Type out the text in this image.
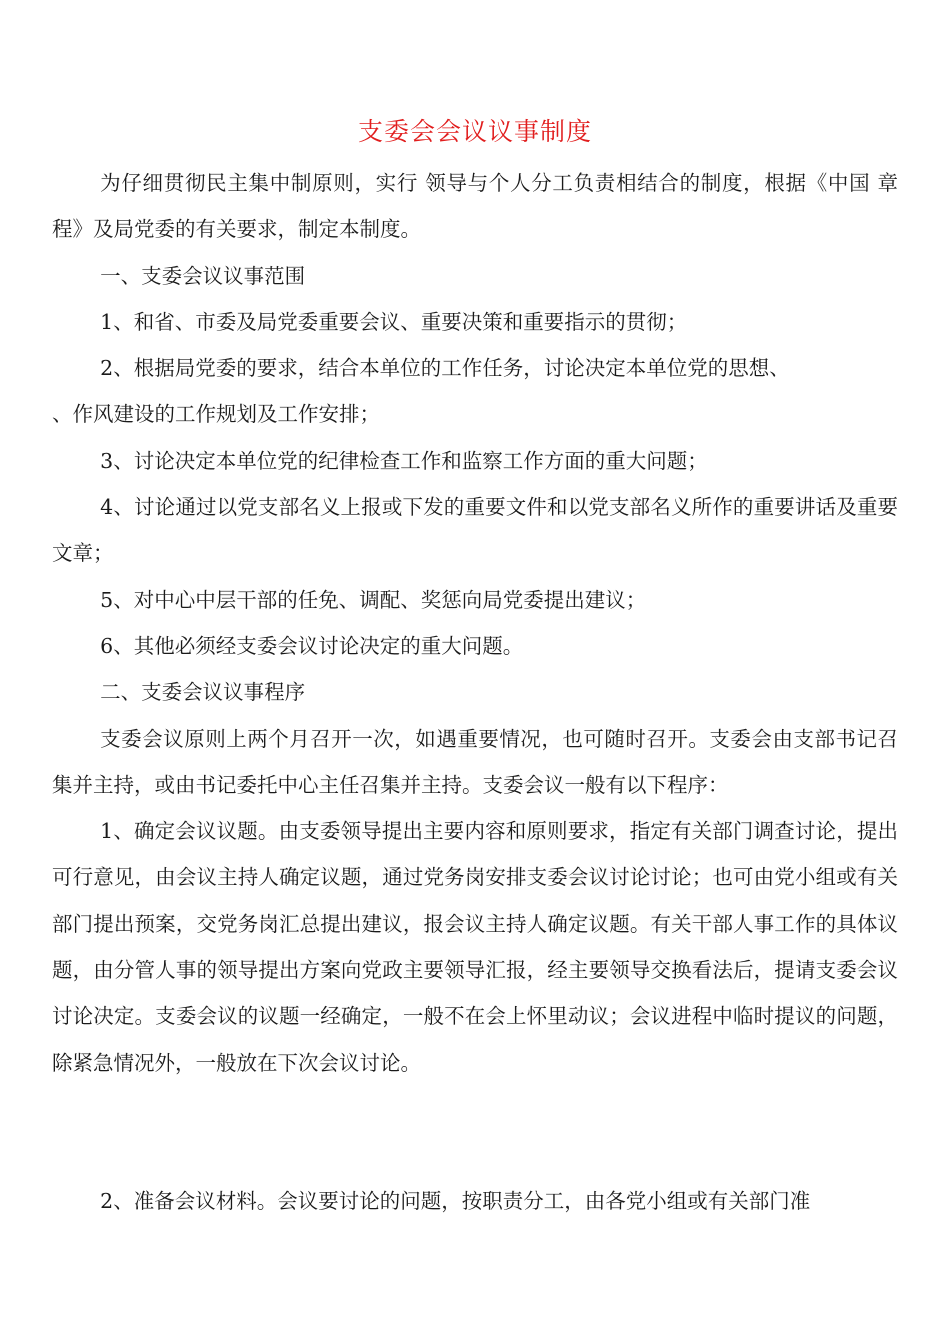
支委会会议议事制度

为仔细贯彻民主集中制原则，实行 领导与个人分工负责相结合的制度，根据《中国 章程》及局党委的有关要求，制定本制度。

一、支委会议议事范围

1、和省、市委及局党委重要会议、重要决策和重要指示的贯彻；

2、根据局党委的要求，结合本单位的工作任务，讨论决定本单位党的思想、

、作风建设的工作规划及工作安排；

3、讨论决定本单位党的纪律检查工作和监察工作方面的重大问题；

4、讨论通过以党支部名义上报或下发的重要文件和以党支部名义所作的重要讲话及重要文章；

5、对中心中层干部的任免、调配、奖惩向局党委提出建议；

6、其他必须经支委会议讨论决定的重大问题。

二、支委会议议事程序

支委会议原则上两个月召开一次，如遇重要情况，也可随时召开。支委会由支部书记召集并主持，或由书记委托中心主任召集并主持。支委会议一般有以下程序：

1、确定会议议题。由支委领导提出主要内容和原则要求，指定有关部门调查讨论，提出可行意见，由会议主持人确定议题，通过党务岗安排支委会议讨论讨论；也可由党小组或有关部门提出预案，交党务岗汇总提出建议，报会议主持人确定议题。有关干部人事工作的具体议题，由分管人事的领导提出方案向党政主要领导汇报，经主要领导交换看法后，提请支委会议 讨论决定。支委会议的议题一经确定，一般不在会上怀里动议；会议进程中临时提议的问题，除紧急情况外，一般放在下次会议讨论。

2、准备会议材料。会议要讨论的问题，按职责分工，由各党小组或有关部门准
